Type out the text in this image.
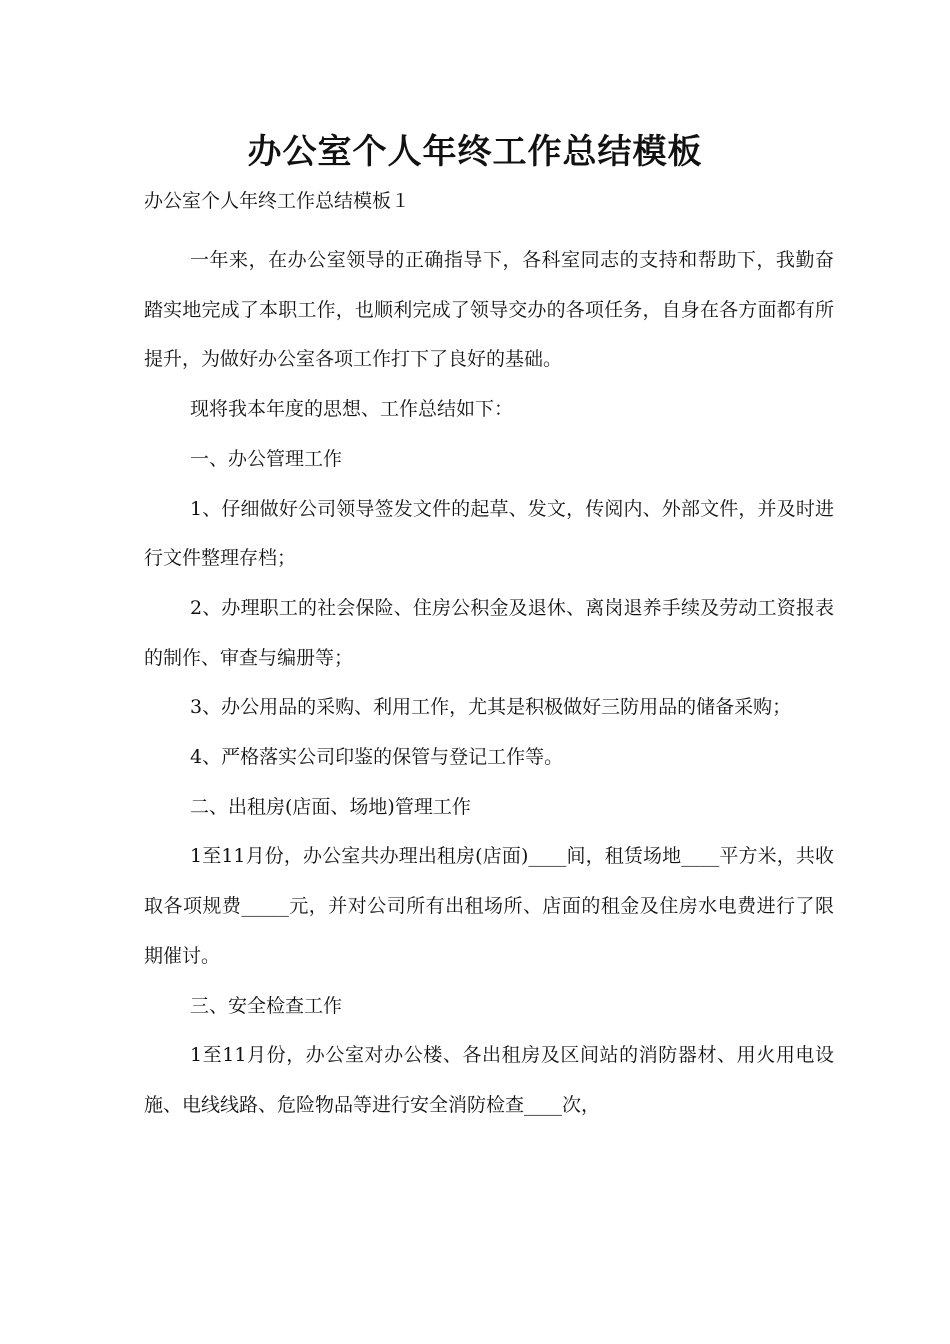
办公室个人年终工作总结模板
办公室个人年终工作总结模板１

一年来，在办公室领导的正确指导下，各科室同志的支持和帮助下，我勤奋踏实地完成了本职工作，也顺利完成了领导交办的各项任务，自身在各方面都有所提升，为做好办公室各项工作打下了良好的基础。

现将我本年度的思想、工作总结如下：

一、办公管理工作

1、仔细做好公司领导签发文件的起草、发文，传阅内、外部文件，并及时进行文件整理存档；

2、办理职工的社会保险、住房公积金及退休、离岗退养手续及劳动工资报表的制作、审查与编册等；

3、办公用品的采购、利用工作，尤其是积极做好三防用品的储备采购；

4、严格落实公司印鉴的保管与登记工作等。

二、出租房(店面、场地)管理工作

1至11月份，办公室共办理出租房(店面)____间，租赁场地____平方米，共收取各项规费_____元，并对公司所有出租场所、店面的租金及住房水电费进行了限期催讨。

三、安全检查工作

1至11月份，办公室对办公楼、各出租房及区间站的消防器材、用火用电设施、电线线路、危险物品等进行安全消防检查____次，
